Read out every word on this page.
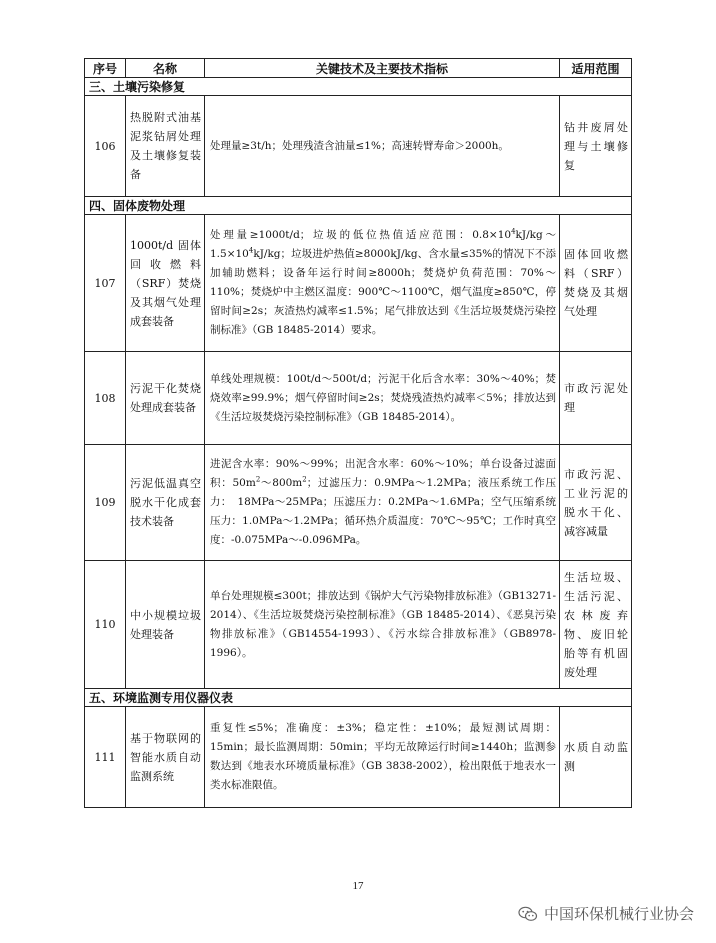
序号	名称	关键技术及主要技术指标	适用范围
三、土壤污染修复			
106	热脱附式油基泥浆钻屑处理及土壤修复装备	处理量≥3t/h；处理残渣含油量≤1%；高速转臂寿命＞2000h。	钻井废屑处理与土壤修复
四、固体废物处理			
107	1000t/d 固体回收燃料（SRF）焚烧及其烟气处理成套装备	处理量≥1000t/d；垃圾的低位热值适应范围：$0.8\times 10^4kJ/kg\sim 1.5\times 10^4kJ/kg$；垃圾进炉热值≥8000kJ/kg、含水量≤35%的情况下不添加辅助燃料；设备年运行时间≥8000h；焚烧炉负荷范围：70%～110%；焚烧炉中主燃区温度：900℃～1100℃，烟气温度≥850℃，停留时间≥2s；灰渣热灼减率≤1.5%；尾气排放达到《生活垃圾焚烧污染控制标准》（GB 18485-2014）要求。	固体回收燃料（SRF）焚烧及其烟气处理
108	污泥干化焚烧处理成套装备	单线处理规模：100t/d～500t/d；污泥干化后含水率：30%～40%；焚烧效率≥99.9%；烟气停留时间≥2s；焚烧残渣热灼减率＜5%；排放达到《生活垃圾焚烧污染控制标准》（GB 18485-2014）。	市政污泥处理
109	污泥低温真空脱水干化成套技术装备	进泥含水率：90%～99%；出泥含水率：60%～10%；单台设备过滤面积：$50m^2\sim 800m^2$；过滤压力：0.9MPa～1.2MPa；液压系统工作压力：　18MPa～25MPa；压滤压力：0.2MPa～1.6MPa；空气压缩系统压力：1.0MPa～1.2MPa；循环热介质温度：70℃～95℃；工作时真空度：-0.075MPa～-0.096MPa。	市政污泥、工业污泥的脱水干化、减容减量
110	中小规模垃圾处理装备	单台处理规模≤300t；排放达到《锅炉大气污染物排放标准》（GB13271-2014）、《生活垃圾焚烧污染控制标准》（GB 18485-2014）、《恶臭污染物排放标准》（GB14554-1993）、《污水综合排放标准》（GB8978-1996）。	生活垃圾、生活污泥、农林废弃物、废旧轮胎等有机固废处理
五、环境监测专用仪器仪表			
111	基于物联网的智能水质自动监测系统	重复性≤5%；准确度：±3%；稳定性：±10%；最短测试周期：15min；最长监测周期：50min；平均无故障运行时间≥1440h；监测参数达到《地表水环境质量标准》（GB 3838-2002），检出限低于地表水一类水标准限值。	水质自动监测
17
中国环保机械行业协会
